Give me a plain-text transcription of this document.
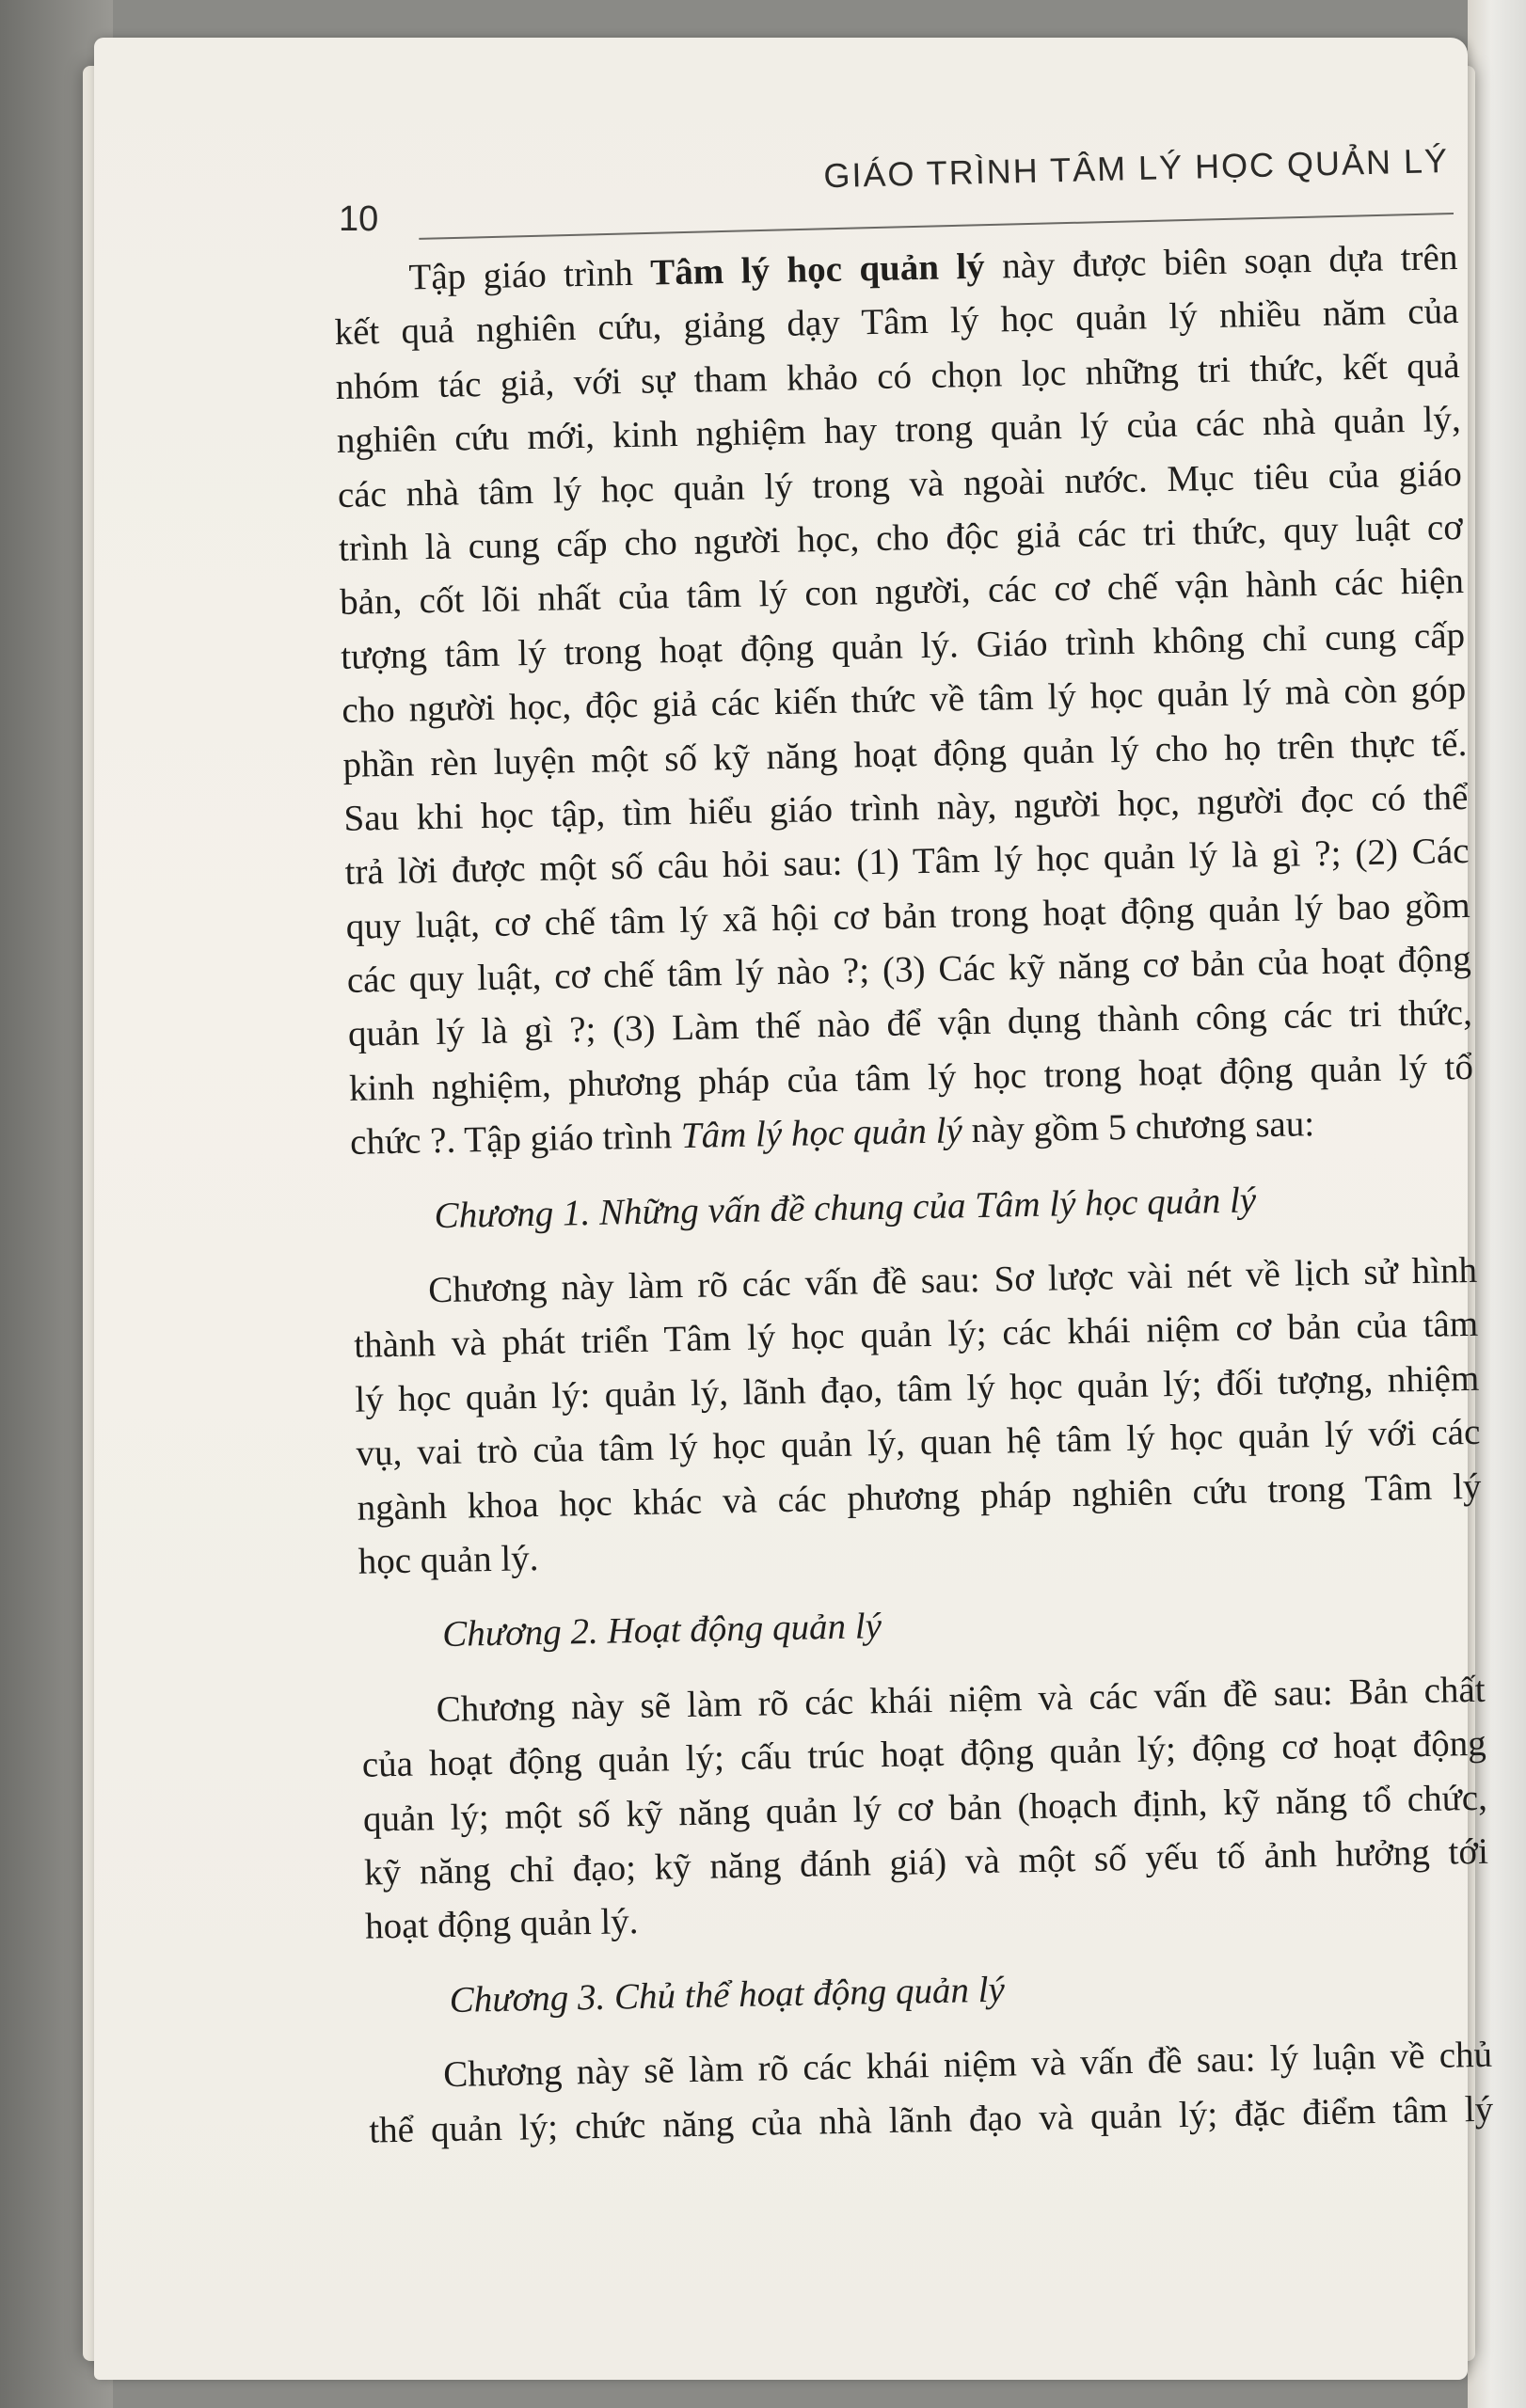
GIÁO TRÌNH TÂM LÝ HỌC QUẢN LÝ
10
Tập giáo trình Tâm lý học quản lý này được biên soạn dựa trên
kết quả nghiên cứu, giảng dạy Tâm lý học quản lý nhiều năm của
nhóm tác giả, với sự tham khảo có chọn lọc những tri thức, kết quả
nghiên cứu mới, kinh nghiệm hay trong quản lý của các nhà quản lý,
các nhà tâm lý học quản lý trong và ngoài nước. Mục tiêu của giáo
trình là cung cấp cho người học, cho độc giả các tri thức, quy luật cơ
bản, cốt lõi nhất của tâm lý con người, các cơ chế vận hành các hiện
tượng tâm lý trong hoạt động quản lý. Giáo trình không chỉ cung cấp
cho người học, độc giả các kiến thức về tâm lý học quản lý mà còn góp
phần rèn luyện một số kỹ năng hoạt động quản lý cho họ trên thực tế.
Sau khi học tập, tìm hiểu giáo trình này, người học, người đọc có thể
trả lời được một số câu hỏi sau: (1) Tâm lý học quản lý là gì ?; (2) Các
quy luật, cơ chế tâm lý xã hội cơ bản trong hoạt động quản lý bao gồm
các quy luật, cơ chế tâm lý nào ?; (3) Các kỹ năng cơ bản của hoạt động
quản lý là gì ?; (3) Làm thế nào để vận dụng thành công các tri thức,
kinh nghiệm, phương pháp của tâm lý học trong hoạt động quản lý tổ
chức ?. Tập giáo trình Tâm lý học quản lý này gồm 5 chương sau:
Chương 1. Những vấn đề chung của Tâm lý học quản lý
Chương này làm rõ các vấn đề sau: Sơ lược vài nét về lịch sử hình
thành và phát triển Tâm lý học quản lý; các khái niệm cơ bản của tâm
lý học quản lý: quản lý, lãnh đạo, tâm lý học quản lý; đối tượng, nhiệm
vụ, vai trò của tâm lý học quản lý, quan hệ tâm lý học quản lý với các
ngành khoa học khác và các phương pháp nghiên cứu trong Tâm lý
học quản lý.
Chương 2. Hoạt động quản lý
Chương này sẽ làm rõ các khái niệm và các vấn đề sau: Bản chất
của hoạt động quản lý; cấu trúc hoạt động quản lý; động cơ hoạt động
quản lý; một số kỹ năng quản lý cơ bản (hoạch định, kỹ năng tổ chức,
kỹ năng chỉ đạo; kỹ năng đánh giá) và một số yếu tố ảnh hưởng tới
hoạt động quản lý.
Chương 3. Chủ thể hoạt động quản lý
Chương này sẽ làm rõ các khái niệm và vấn đề sau: lý luận về chủ
thể quản lý; chức năng của nhà lãnh đạo và quản lý; đặc điểm tâm lý
